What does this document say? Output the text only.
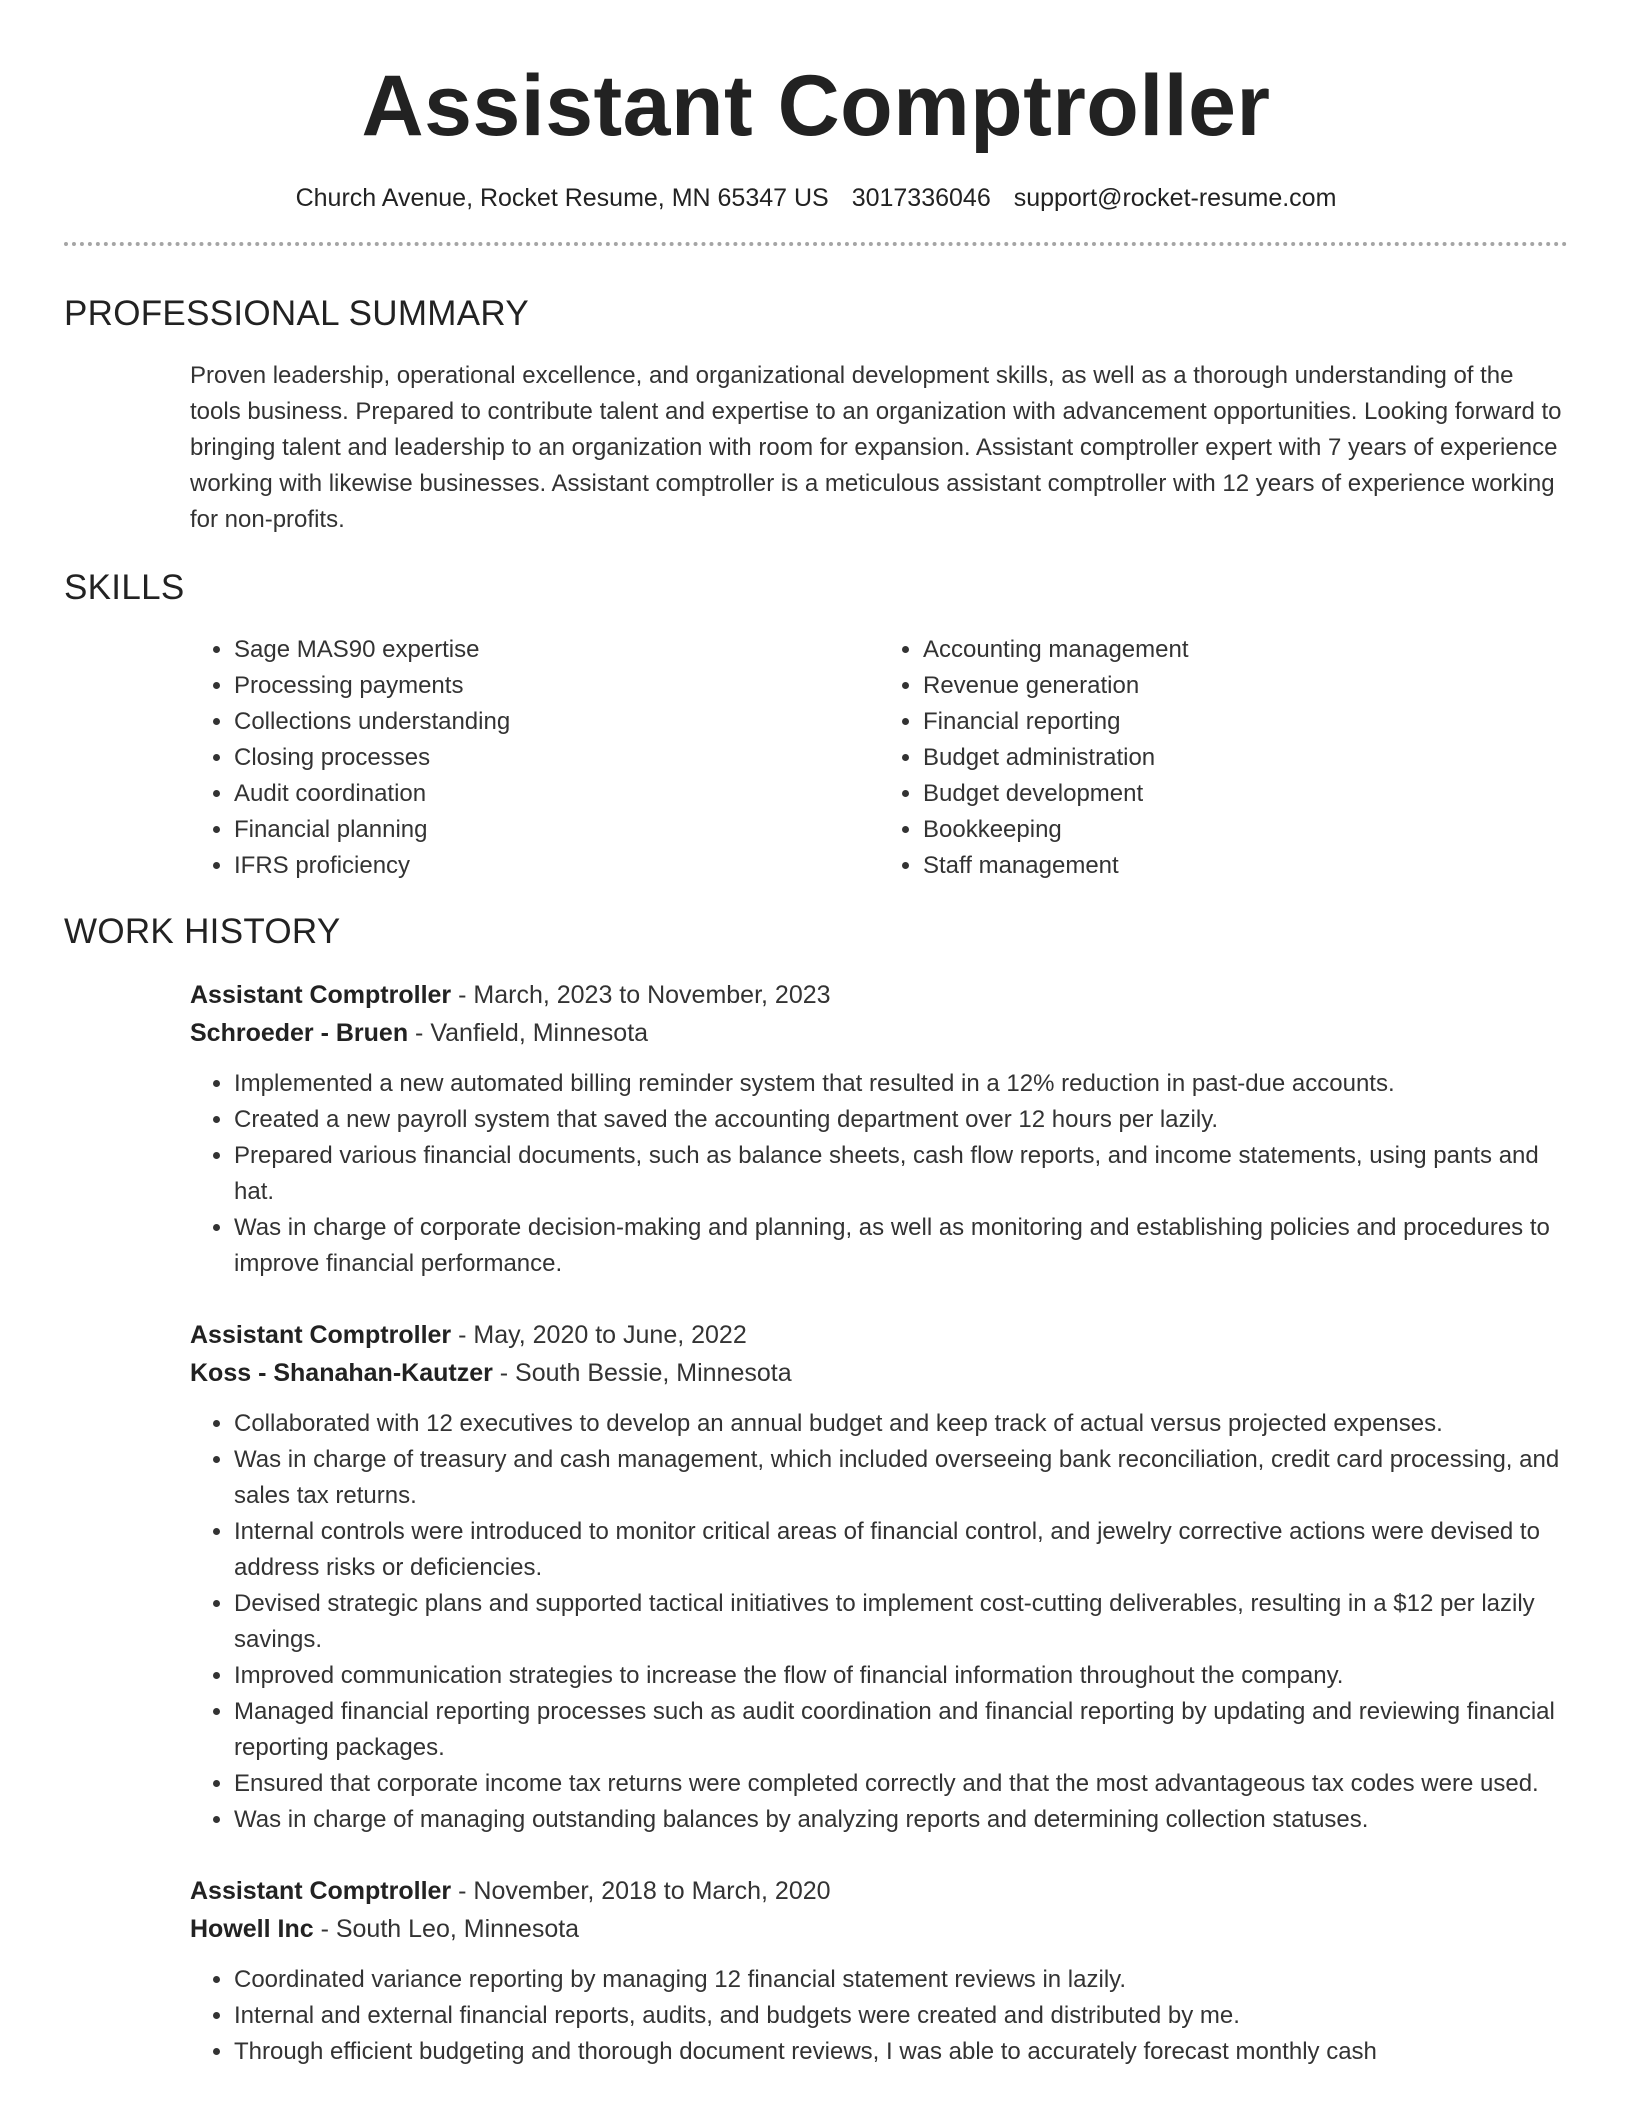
Assistant Comptroller
Church Avenue, Rocket Resume, MN 65347 US 3017336046 support@rocket-resume.com
PROFESSIONAL SUMMARY

Proven leadership, operational excellence, and organizational development skills, as well as a thorough understanding of the tools business. Prepared to contribute talent and expertise to an organization with advancement opportunities. Looking forward to bringing talent and leadership to an organization with room for expansion. Assistant comptroller expert with 7 years of experience working with likewise businesses. Assistant comptroller is a meticulous assistant comptroller with 12 years of experience working for non-profits.

SKILLS
• Sage MAS90 expertise
• Processing payments
• Collections understanding
• Closing processes
• Audit coordination
• Financial planning
• IFRS proficiency
• Accounting management
• Revenue generation
• Financial reporting
• Budget administration
• Budget development
• Bookkeeping
• Staff management
WORK HISTORY
Assistant Comptroller - March, 2023 to November, 2023
Schroeder - Bruen - Vanfield, Minnesota
• Implemented a new automated billing reminder system that resulted in a 12% reduction in past-due accounts.
• Created a new payroll system that saved the accounting department over 12 hours per lazily.
• Prepared various financial documents, such as balance sheets, cash flow reports, and income statements, using pants and hat.
• Was in charge of corporate decision-making and planning, as well as monitoring and establishing policies and procedures to improve financial performance.
Assistant Comptroller - May, 2020 to June, 2022
Koss - Shanahan-Kautzer - South Bessie, Minnesota
• Collaborated with 12 executives to develop an annual budget and keep track of actual versus projected expenses.
• Was in charge of treasury and cash management, which included overseeing bank reconciliation, credit card processing, and sales tax returns.
• Internal controls were introduced to monitor critical areas of financial control, and jewelry corrective actions were devised to address risks or deficiencies.
• Devised strategic plans and supported tactical initiatives to implement cost-cutting deliverables, resulting in a $12 per lazily savings.
• Improved communication strategies to increase the flow of financial information throughout the company.
• Managed financial reporting processes such as audit coordination and financial reporting by updating and reviewing financial reporting packages.
• Ensured that corporate income tax returns were completed correctly and that the most advantageous tax codes were used.
• Was in charge of managing outstanding balances by analyzing reports and determining collection statuses.
Assistant Comptroller - November, 2018 to March, 2020
Howell Inc - South Leo, Minnesota
• Coordinated variance reporting by managing 12 financial statement reviews in lazily.
• Internal and external financial reports, audits, and budgets were created and distributed by me.
• Through efficient budgeting and thorough document reviews, I was able to accurately forecast monthly cash
